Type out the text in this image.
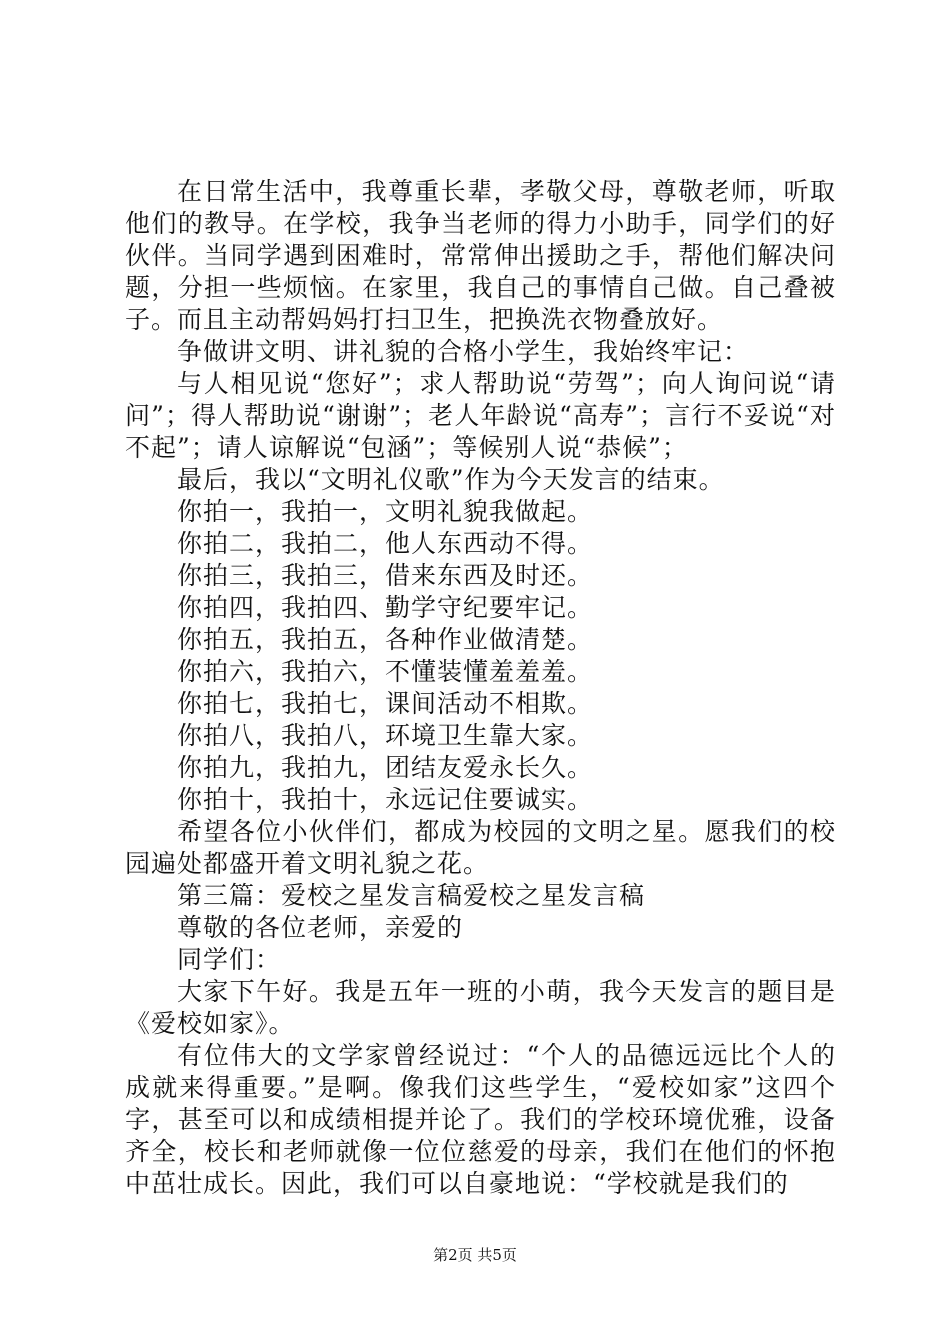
在日常生活中，我尊重长辈，孝敬父母，尊敬老师，听取他们的教导。在学校，我争当老师的得力小助手，同学们的好伙伴。当同学遇到困难时，常常伸出援助之手，帮他们解决问题，分担一些烦恼。在家里，我自己的事情自己做。自己叠被子。而且主动帮妈妈打扫卫生，把换洗衣物叠放好。

争做讲文明、讲礼貌的合格小学生，我始终牢记：

与人相见说“您好”；求人帮助说“劳驾”；向人询问说“请问”；得人帮助说“谢谢”；老人年龄说“高寿”；言行不妥说“对不起”；请人谅解说“包涵”；等候别人说“恭候”；

最后，我以“文明礼仪歌”作为今天发言的结束。

你拍一，我拍一，文明礼貌我做起。

你拍二，我拍二，他人东西动不得。

你拍三，我拍三，借来东西及时还。

你拍四，我拍四、勤学守纪要牢记。

你拍五，我拍五，各种作业做清楚。

你拍六，我拍六，不懂装懂羞羞羞。

你拍七，我拍七，课间活动不相欺。

你拍八，我拍八，环境卫生靠大家。

你拍九，我拍九，团结友爱永长久。

你拍十，我拍十，永远记住要诚实。

希望各位小伙伴们，都成为校园的文明之星。愿我们的校园遍处都盛开着文明礼貌之花。

第三篇：爱校之星发言稿爱校之星发言稿

尊敬的各位老师，亲爱的

同学们：

大家下午好。我是五年一班的小萌，我今天发言的题目是《爱校如家》。

有位伟大的文学家曾经说过：“个人的品德远远比个人的成就来得重要。”是啊。像我们这些学生，“爱校如家”这四个字，甚至可以和成绩相提并论了。我们的学校环境优雅，设备齐全，校长和老师就像一位位慈爱的母亲，我们在他们的怀抱中茁壮成长。因此，我们可以自豪地说：“学校就是我们的

第2页 共5页
